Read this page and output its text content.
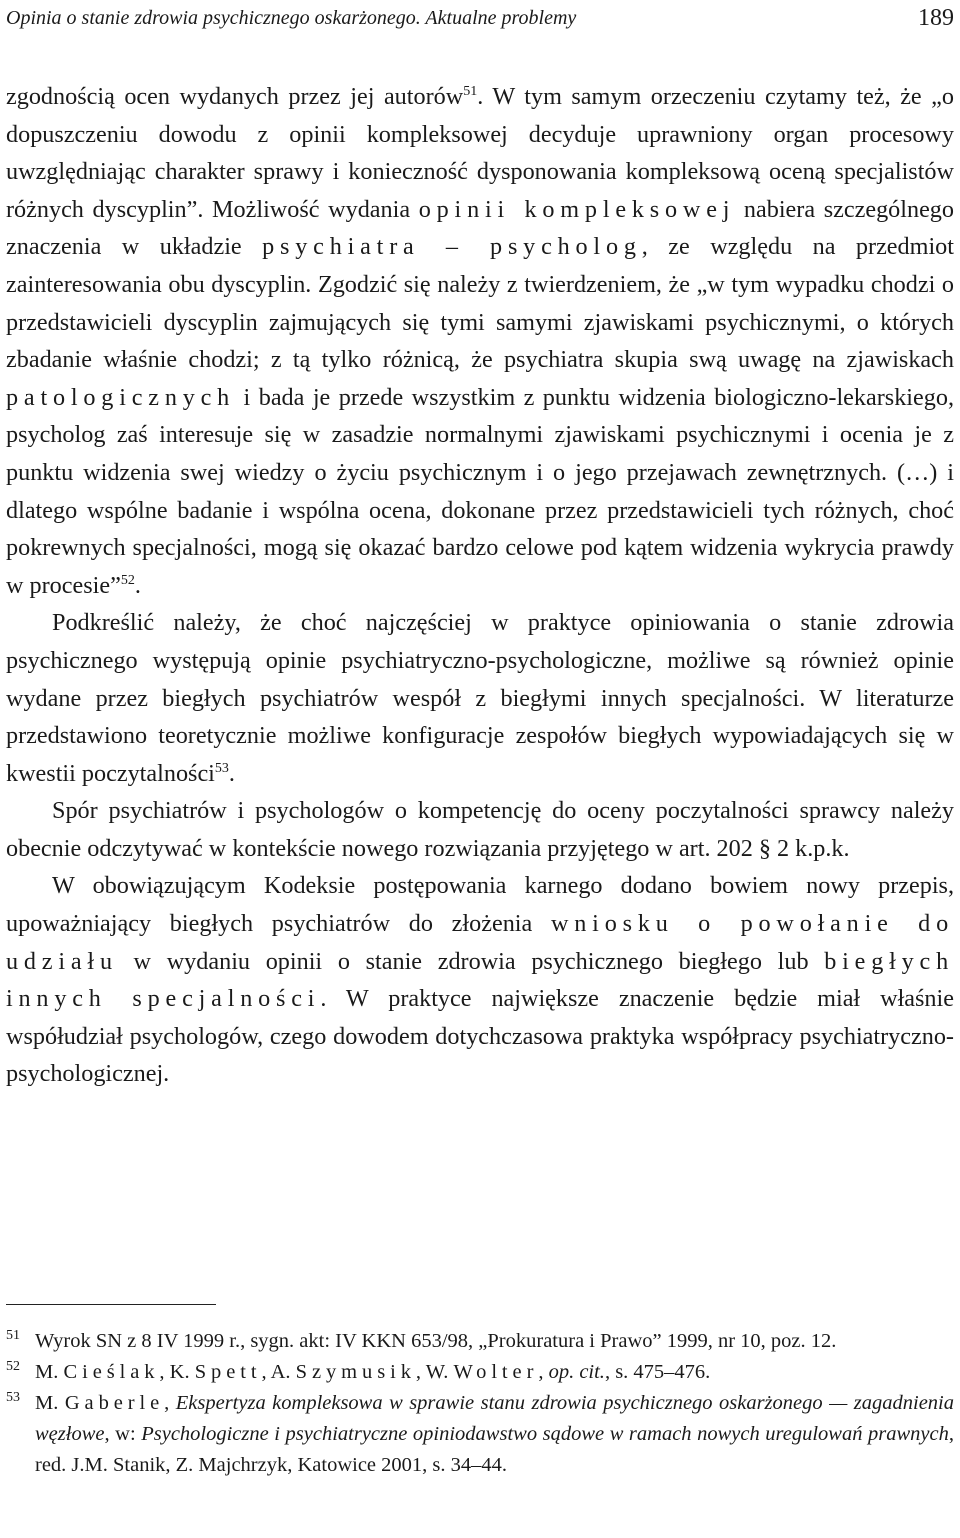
Opinia o stanie zdrowia psychicznego oskarżonego. Aktualne problemy	189

zgodnością ocen wydanych przez jej autorów$^{51}$. W tym samym orzeczeniu czytamy też, że „o dopuszczeniu dowodu z opinii kompleksowej decyduje uprawniony organ procesowy uwzględniając charakter sprawy i konieczność dysponowania kompleksową oceną specjalistów różnych dyscyplin”. Możliwość wydania opinii kompleksowej nabiera szczególnego znaczenia w układzie psychiatra – psycholog, ze względu na przedmiot zainteresowania obu dyscyplin. Zgodzić się należy z twierdzeniem, że „w tym wypadku chodzi o przedstawicieli dyscyplin zajmujących się tymi samymi zjawiskami psychicznymi, o których zbadanie właśnie chodzi; z tą tylko różnicą, że psychiatra skupia swą uwagę na zjawiskach patologicznych i bada je przede wszystkim z punktu widzenia biologiczno-lekarskiego, psycholog zaś interesuje się w zasadzie normalnymi zjawiskami psychicznymi i ocenia je z punktu widzenia swej wiedzy o życiu psychicznym i o jego przejawach zewnętrznych. (…) i dlatego wspólne badanie i wspólna ocena, dokonane przez przedstawicieli tych różnych, choć pokrewnych specjalności, mogą się okazać bardzo celowe pod kątem widzenia wykrycia prawdy w procesie”$^{52}$.

Podkreślić należy, że choć najczęściej w praktyce opiniowania o stanie zdrowia psychicznego występują opinie psychiatryczno-psychologiczne, możliwe są również opinie wydane przez biegłych psychiatrów wespół z biegłymi innych specjalności. W literaturze przedstawiono teoretycznie możliwe konfiguracje zespołów biegłych wypowiadających się w kwestii poczytalności$^{53}$.

Spór psychiatrów i psychologów o kompetencję do oceny poczytalności sprawcy należy obecnie odczytywać w kontekście nowego rozwiązania przyjętego w art. 202 § 2 k.p.k.

W obowiązującym Kodeksie postępowania karnego dodano bowiem nowy przepis, upoważniający biegłych psychiatrów do złożenia wniosku o powołanie do udziału w wydaniu opinii o stanie zdrowia psychicznego biegłego lub biegłych innych specjalności. W praktyce największe znaczenie będzie miał właśnie współudział psychologów, czego dowodem dotychczasowa praktyka współpracy psychiatryczno-psychologicznej.

51 Wyrok SN z 8 IV 1999 r., sygn. akt: IV KKN 653/98, „Prokuratura i Prawo” 1999, nr 10, poz. 12.

52 M. Cieślak, K. Spett, A. Szymusik, W. Wolter, op. cit., s. 475–476.

53 M. Gaberle, Ekspertyza kompleksowa w sprawie stanu zdrowia psychicznego oskarżonego — zagadnienia węzłowe, w: Psychologiczne i psychiatryczne opiniodawstwo sądowe w ramach nowych uregulowań prawnych, red. J.M. Stanik, Z. Majchrzyk, Katowice 2001, s. 34–44.
